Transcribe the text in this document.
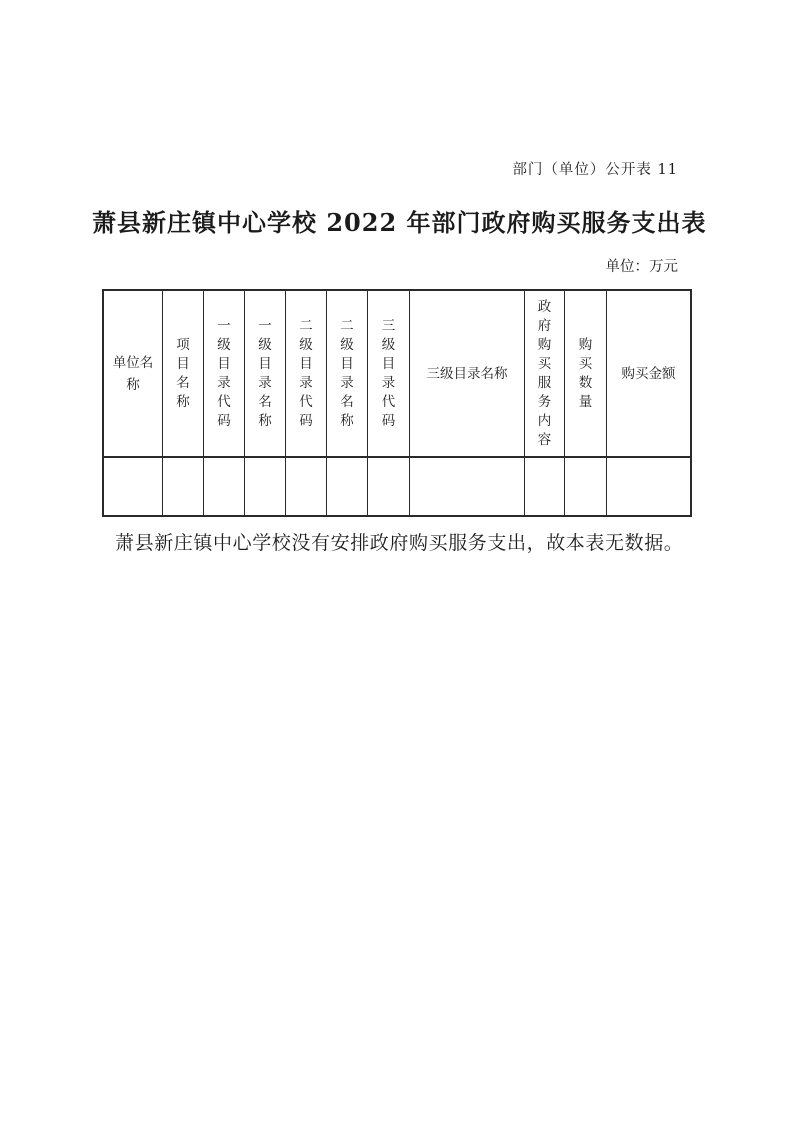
部门（单位）公开表 11
萧县新庄镇中心学校 2022 年部门政府购买服务支出表
单位：万元
单位名称	项目名称	一级目录代码	一级目录名称	二级目录代码	二级目录名称	三级目录代码	三级目录名称	政府购买服务内容	购买数量	购买金额

萧县新庄镇中心学校没有安排政府购买服务支出，故本表无数据。
